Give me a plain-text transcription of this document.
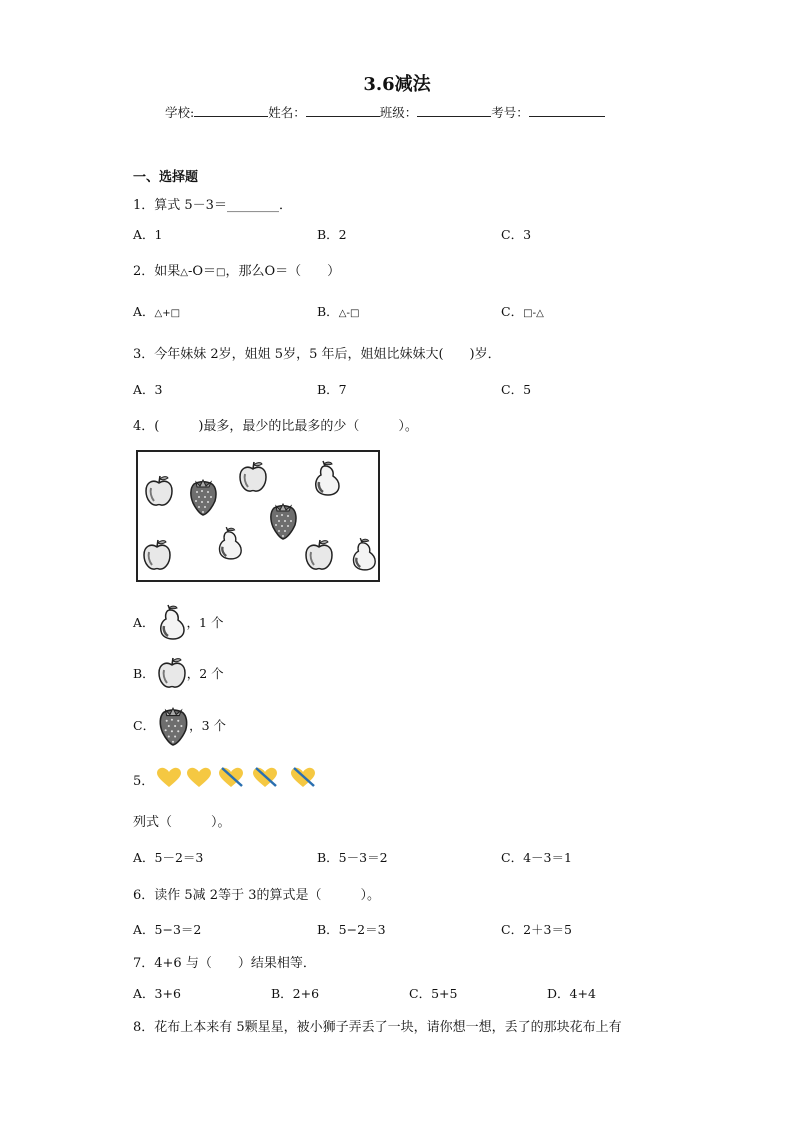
3.6减法
学校:	姓名：	班级：	考号：
一、选择题
1．算式 5－3＝________．
A．1	B．2	C．3
2．如果△-O＝□，那么O＝（　　）
A．△+□	B．△-□	C．□-△
3．今年妹妹 2岁，姐姐 5岁，5 年后，姐姐比妹妹大(　　)岁．
A．3	B．7	C．5
4．(　　　)最多，最少的比最多的少（　　　）。
A．	，1 个
B．	，2 个
C．	，3 个
5．
列式（　　　）。
A．5－2＝3	B．5－3＝2	C．4－3＝1
6．读作 5减 2等于 3的算式是（　　　）。
A．5−3＝2	B．5−2＝3	C．2＋3＝5
7．4+6 与（　　）结果相等．
A．3+6	B．2+6	C．5+5	D．4+4
8．花布上本来有 5颗星星，被小狮子弄丢了一块，请你想一想，丢了的那块花布上有
